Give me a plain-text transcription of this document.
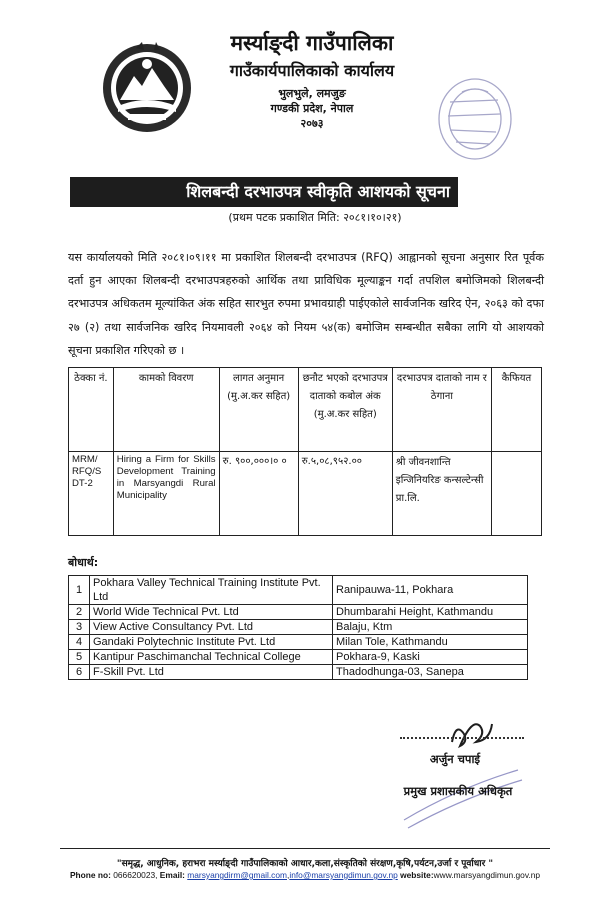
मर्स्याङ्दी गाउँपालिका
गाउँकार्यपालिकाको कार्यालय
भुलभुले, लमजुङ
गण्डकी प्रदेश, नेपाल
२०७३
शिलबन्दी दरभाउपत्र स्वीकृति आशयको सूचना
(प्रथम पटक प्रकाशित मिति: २०८१।१०।२१)
यस कार्यालयको मिति २०८१।०९।११ मा प्रकाशित शिलबन्दी दरभाउपत्र (RFQ) आह्वानको सूचना अनुसार रित पूर्वक दर्ता हुन आएका शिलबन्दी दरभाउपत्रहरुको आर्थिक तथा प्राविधिक मूल्याङ्कन गर्दा तपशिल बमोजिमको शिलबन्दी दरभाउपत्र अधिकतम मूल्यांकित अंक सहित सारभुत रुपमा प्रभावग्राही पाईएकोले सार्वजनिक खरिद ऐन, २०६३ को दफा २७ (२) तथा सार्वजनिक खरिद नियमावली २०६४ को नियम ५४(क) बमोजिम सम्बन्धीत सबैका लागि यो आशयको सूचना प्रकाशित गरिएको छ ।
ठेक्का नं.	कामको विवरण	लागत अनुमान (मु.अ.कर सहित)	छनौट भएको दरभाउपत्र दाताको कबोल अंक (मु.अ.कर सहित)	दरभाउपत्र दाताको नाम र ठेगाना	कैफियत
MRM/ RFQ/S DT-2	Hiring a Firm for Skills Development Training in Marsyangdi Rural Municipality	रु. ९००,०००।० ०	रु.५,०८,९५२.००	श्री जीवनशान्ति इन्जिनियरिङ कन्सल्टेन्सी प्रा.लि.	
बोधार्थ:
1	Pokhara Valley Technical Training Institute Pvt. Ltd	Ranipauwa-11, Pokhara
2	World Wide Technical Pvt. Ltd	Dhumbarahi Height, Kathmandu
3	View Active Consultancy Pvt. Ltd	Balaju, Ktm
4	Gandaki Polytechnic Institute Pvt. Ltd	Milan Tole, Kathmandu
5	Kantipur Paschimanchal Technical College	Pokhara-9, Kaski
6	F-Skill Pvt. Ltd	Thadodhunga-03, Sanepa
अर्जुन चपाई
प्रमुख प्रशासकीय अधिकृत
"समृद्ध, आधुनिक, हराभरा मर्स्याङ्दी गाउँपालिकाको आधार,कला,संस्कृतिको संरक्षण,कृषि,पर्यटन,उर्जा र पूर्वाधार "
Phone no: 066620023, Email: marsyangdirm@gmail.com,info@marsyangdimun.gov.np website:www.marsyangdimun.gov.np
